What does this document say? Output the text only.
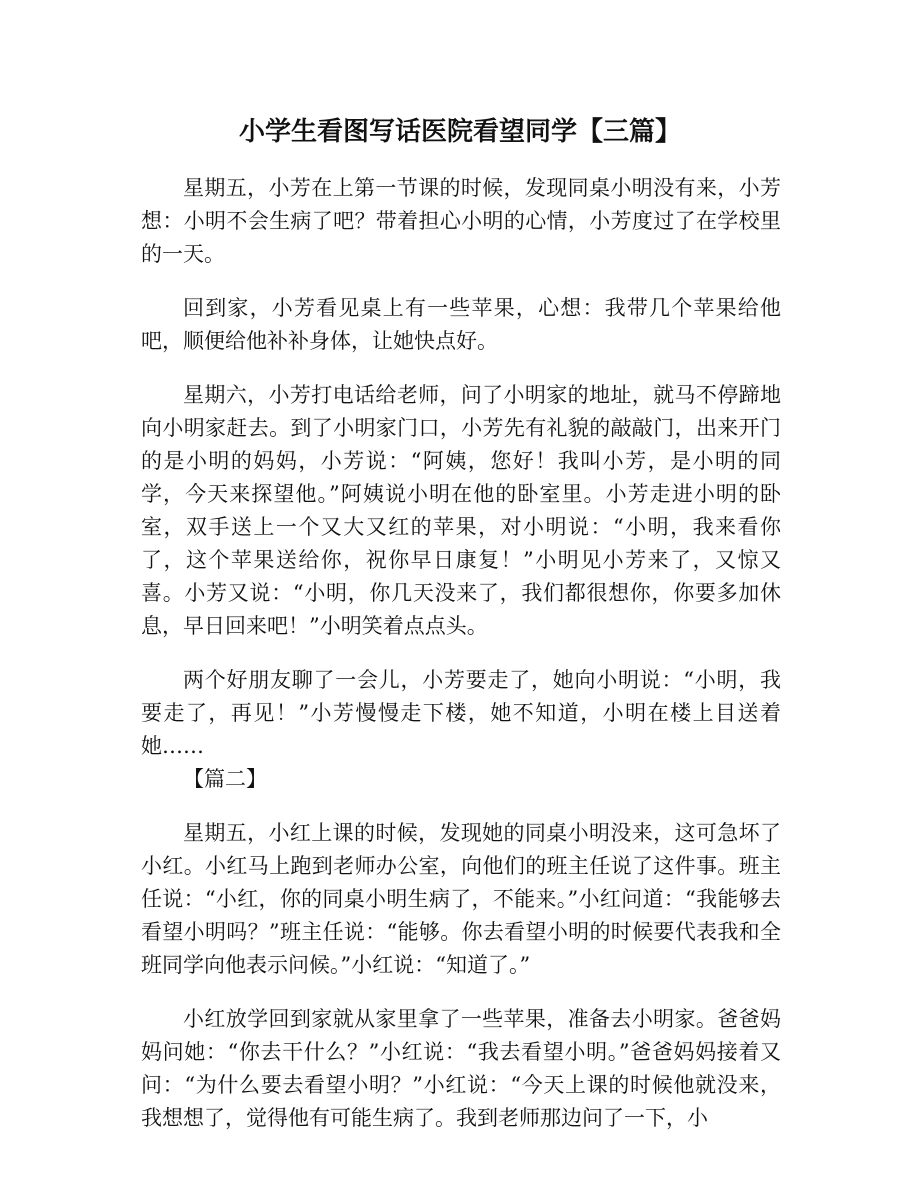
小学生看图写话医院看望同学【三篇】

星期五，小芳在上第一节课的时候，发现同桌小明没有来，小芳想：小明不会生病了吧？带着担心小明的心情，小芳度过了在学校里的一天。

回到家，小芳看见桌上有一些苹果，心想：我带几个苹果给他吧，顺便给他补补身体，让她快点好。

星期六，小芳打电话给老师，问了小明家的地址，就马不停蹄地向小明家赶去。到了小明家门口，小芳先有礼貌的敲敲门，出来开门的是小明的妈妈，小芳说：“阿姨，您好！我叫小芳，是小明的同学，今天来探望他。”阿姨说小明在他的卧室里。小芳走进小明的卧室，双手送上一个又大又红的苹果，对小明说：“小明，我来看你了，这个苹果送给你，祝你早日康复！”小明见小芳来了，又惊又喜。小芳又说：“小明，你几天没来了，我们都很想你，你要多加休息，早日回来吧！”小明笑着点点头。

两个好朋友聊了一会儿，小芳要走了，她向小明说：“小明，我要走了，再见！”小芳慢慢走下楼，她不知道，小明在楼上目送着她……

【篇二】

星期五，小红上课的时候，发现她的同桌小明没来，这可急坏了小红。小红马上跑到老师办公室，向他们的班主任说了这件事。班主任说：“小红，你的同桌小明生病了，不能来。”小红问道：“我能够去看望小明吗？”班主任说：“能够。你去看望小明的时候要代表我和全班同学向他表示问候。”小红说：“知道了。”

小红放学回到家就从家里拿了一些苹果，准备去小明家。爸爸妈妈问她：“你去干什么？”小红说：“我去看望小明。”爸爸妈妈接着又问：“为什么要去看望小明？”小红说：“今天上课的时候他就没来，我想想了，觉得他有可能生病了。我到老师那边问了一下，小
